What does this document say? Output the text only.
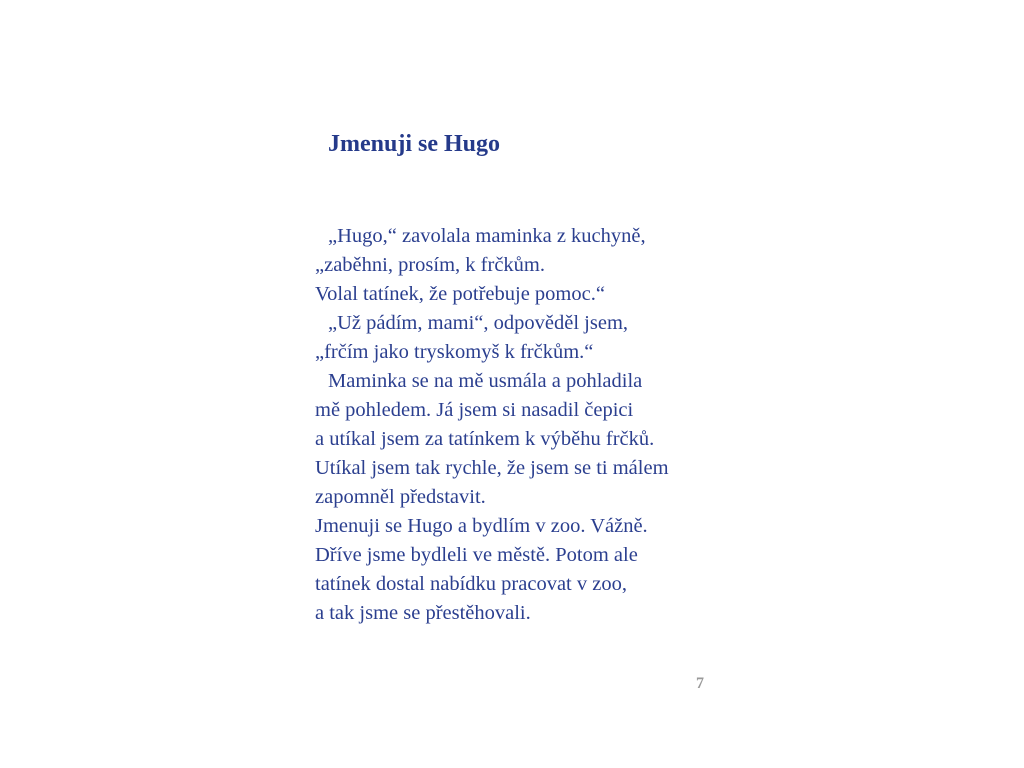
Jmenuji se Hugo
„Hugo,“ zavolala maminka z kuchyně,
„zaběhni, prosím, k frčkům.
Volal tatínek, že potřebuje pomoc.“
„Už pádím, mami“, odpověděl jsem,
„frčím jako tryskomyš k frčkům.“
Maminka se na mě usmála a pohladila
mě pohledem. Já jsem si nasadil čepici
a utíkal jsem za tatínkem k výběhu frčků.
Utíkal jsem tak rychle, že jsem se ti málem
zapomněl představit.
Jmenuji se Hugo a bydlím v zoo. Vážně.
Dříve jsme bydleli ve městě. Potom ale
tatínek dostal nabídku pracovat v zoo,
a tak jsme se přestěhovali.
7
